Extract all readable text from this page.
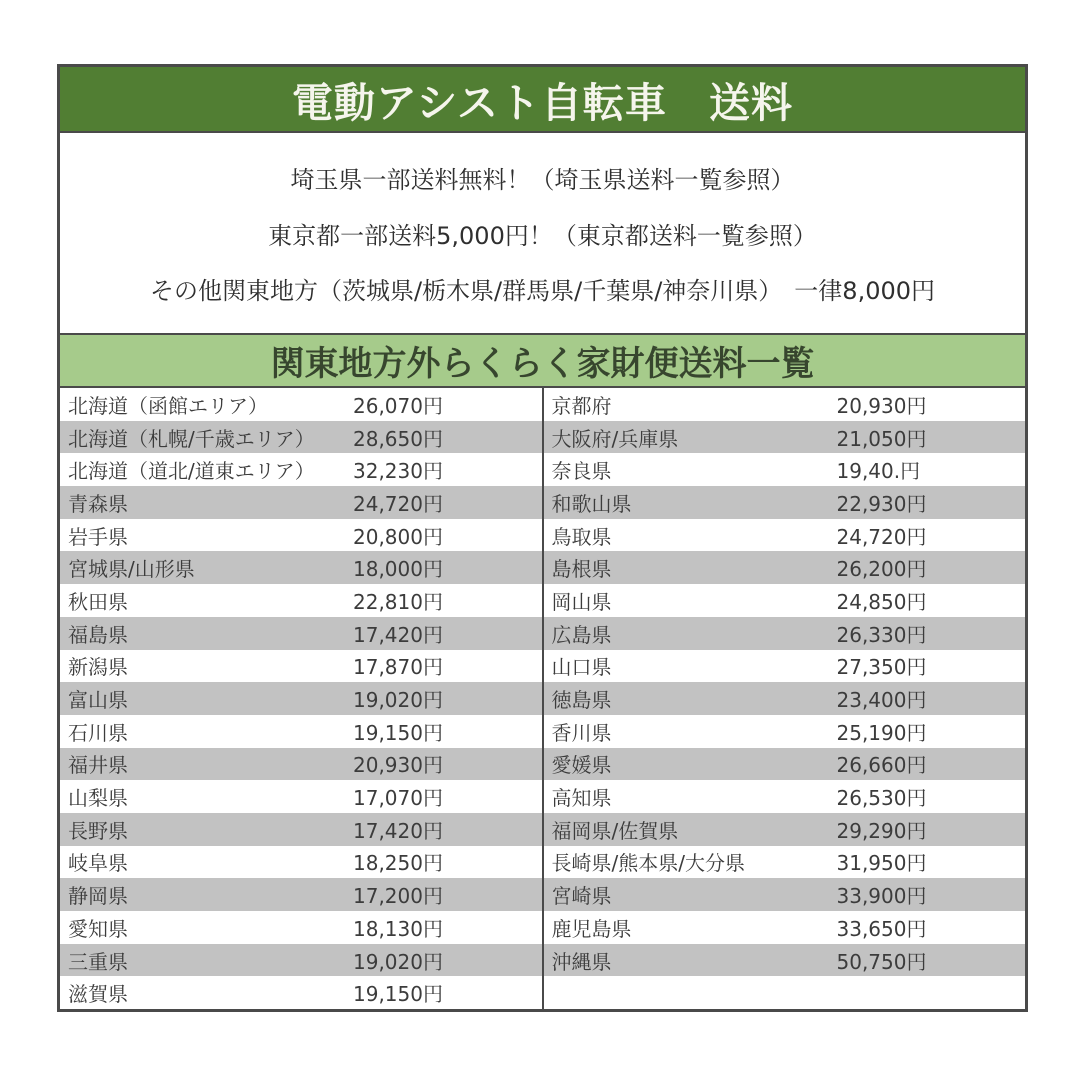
電動アシスト自転車　送料
埼玉県一部送料無料！（埼玉県送料一覧参照）
東京都一部送料5,000円！（東京都送料一覧参照）
その他関東地方（茨城県/栃木県/群馬県/千葉県/神奈川県）　一律8,000円
関東地方外らくらく家財便送料一覧
北海道（函館エリア）	26,070円
北海道（札幌/千歳エリア）	28,650円
北海道（道北/道東エリア）	32,230円
青森県	24,720円
岩手県	20,800円
宮城県/山形県	18,000円
秋田県	22,810円
福島県	17,420円
新潟県	17,870円
富山県	19,020円
石川県	19,150円
福井県	20,930円
山梨県	17,070円
長野県	17,420円
岐阜県	18,250円
静岡県	17,200円
愛知県	18,130円
三重県	19,020円
滋賀県	19,150円
京都府	20,930円
大阪府/兵庫県	21,050円
奈良県	19,40.円
和歌山県	22,930円
鳥取県	24,720円
島根県	26,200円
岡山県	24,850円
広島県	26,330円
山口県	27,350円
徳島県	23,400円
香川県	25,190円
愛媛県	26,660円
高知県	26,530円
福岡県/佐賀県	29,290円
長崎県/熊本県/大分県	31,950円
宮崎県	33,900円
鹿児島県	33,650円
沖縄県	50,750円
